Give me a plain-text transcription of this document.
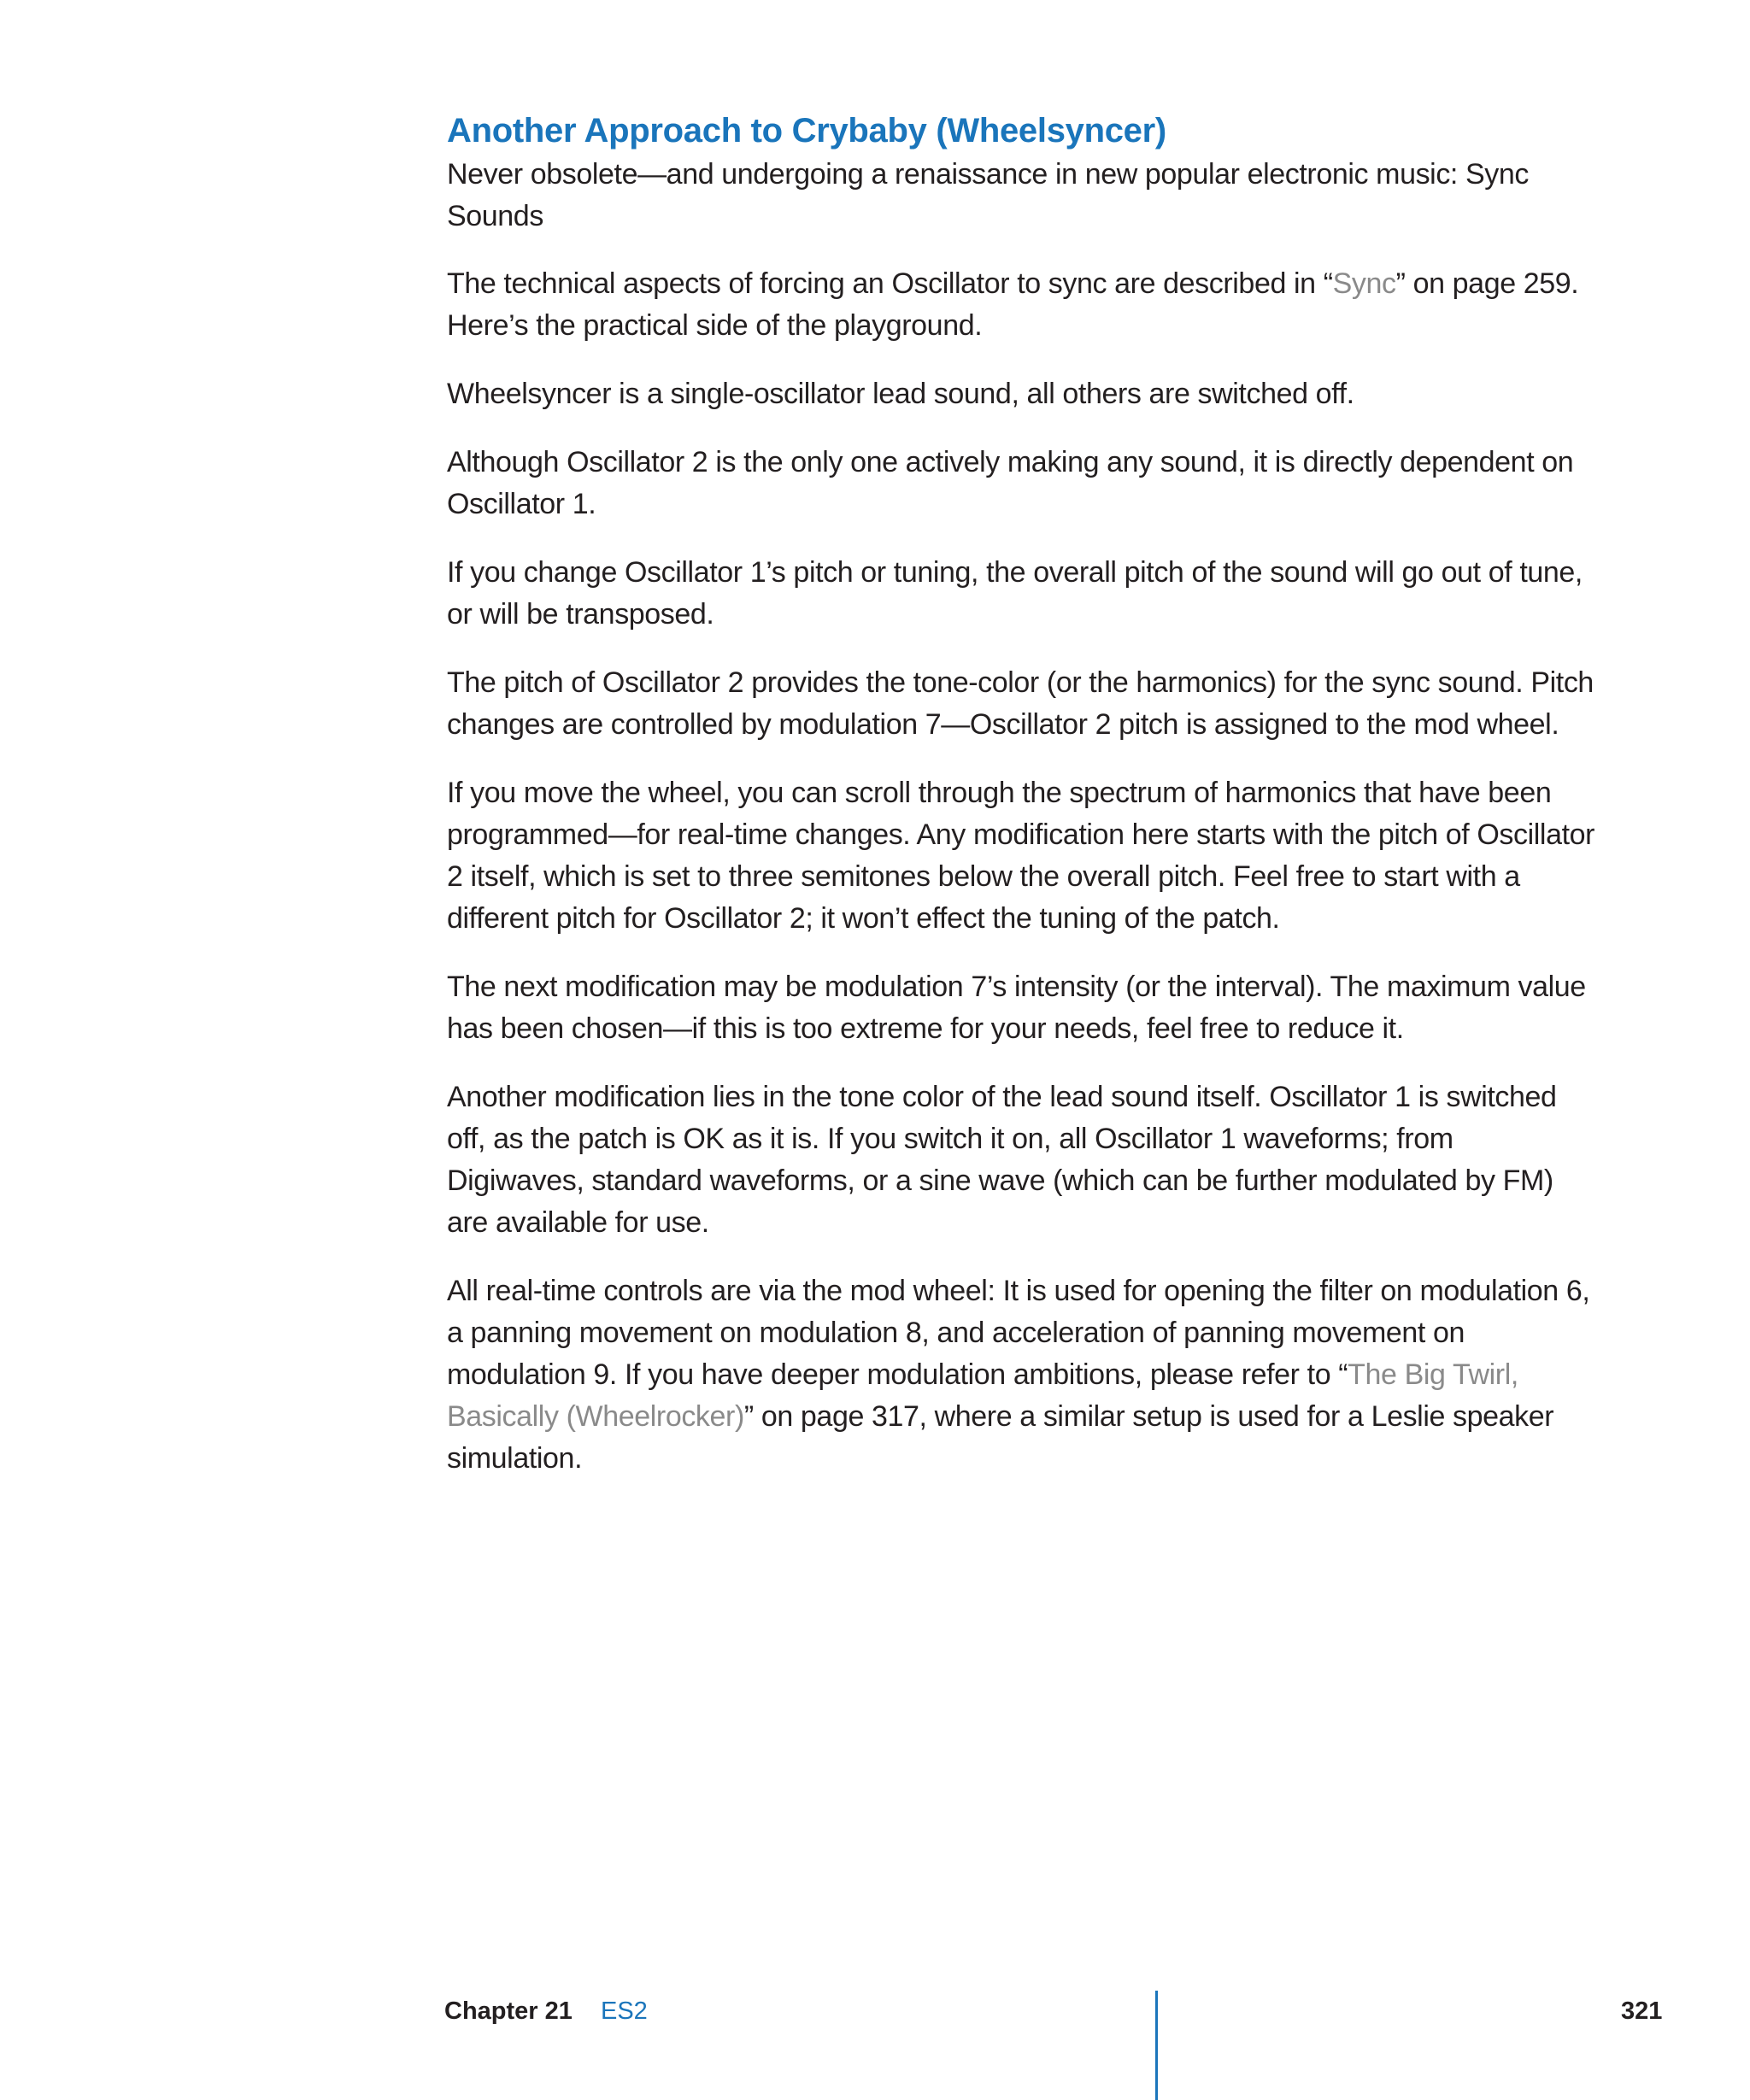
Another Approach to Crybaby (Wheelsyncer)

Never obsolete—and undergoing a renaissance in new popular electronic music: Sync Sounds

The technical aspects of forcing an Oscillator to sync are described in “Sync” on page 259. Here’s the practical side of the playground.

Wheelsyncer is a single-oscillator lead sound, all others are switched off.

Although Oscillator 2 is the only one actively making any sound, it is directly dependent on Oscillator 1.

If you change Oscillator 1’s pitch or tuning, the overall pitch of the sound will go out of tune, or will be transposed.

The pitch of Oscillator 2 provides the tone-color (or the harmonics) for the sync sound. Pitch changes are controlled by modulation 7—Oscillator 2 pitch is assigned to the mod wheel.

If you move the wheel, you can scroll through the spectrum of harmonics that have been programmed—for real-time changes. Any modification here starts with the pitch of Oscillator 2 itself, which is set to three semitones below the overall pitch. Feel free to start with a different pitch for Oscillator 2; it won’t effect the tuning of the patch.

The next modification may be modulation 7’s intensity (or the interval). The maximum value has been chosen—if this is too extreme for your needs, feel free to reduce it.

Another modification lies in the tone color of the lead sound itself. Oscillator 1 is switched off, as the patch is OK as it is. If you switch it on, all Oscillator 1 waveforms; from Digiwaves, standard waveforms, or a sine wave (which can be further modulated by FM) are available for use.

All real-time controls are via the mod wheel: It is used for opening the filter on modulation 6, a panning movement on modulation 8, and acceleration of panning movement on modulation 9. If you have deeper modulation ambitions, please refer to “The Big Twirl, Basically (Wheelrocker)” on page 317, where a similar setup is used for a Leslie speaker simulation.

Chapter 21 ES2	321
